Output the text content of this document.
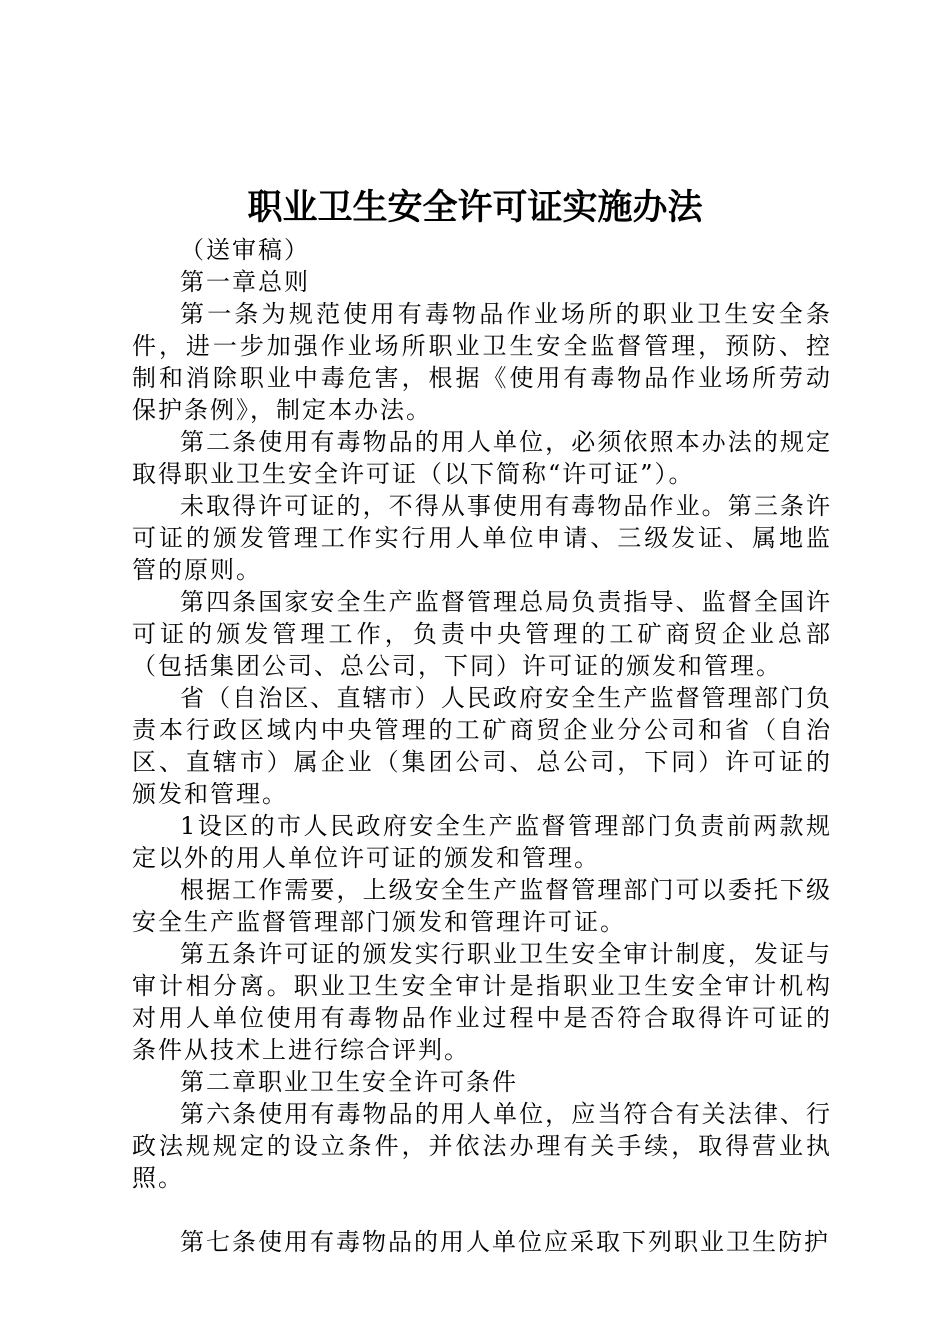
职业卫生安全许可证实施办法

（送审稿）

第一章总则

第一条为规范使用有毒物品作业场所的职业卫生安全条件，进一步加强作业场所职业卫生安全监督管理，预防、控制和消除职业中毒危害，根据《使用有毒物品作业场所劳动保护条例》，制定本办法。

第二条使用有毒物品的用人单位，必须依照本办法的规定取得职业卫生安全许可证（以下简称“许可证”）。

未取得许可证的，不得从事使用有毒物品作业。第三条许可证的颁发管理工作实行用人单位申请、三级发证、属地监管的原则。

第四条国家安全生产监督管理总局负责指导、监督全国许可证的颁发管理工作，负责中央管理的工矿商贸企业总部（包括集团公司、总公司，下同）许可证的颁发和管理。

省（自治区、直辖市）人民政府安全生产监督管理部门负责本行政区域内中央管理的工矿商贸企业分公司和省（自治区、直辖市）属企业（集团公司、总公司，下同）许可证的颁发和管理。

1设区的市人民政府安全生产监督管理部门负责前两款规定以外的用人单位许可证的颁发和管理。

根据工作需要，上级安全生产监督管理部门可以委托下级安全生产监督管理部门颁发和管理许可证。

第五条许可证的颁发实行职业卫生安全审计制度，发证与审计相分离。职业卫生安全审计是指职业卫生安全审计机构对用人单位使用有毒物品作业过程中是否符合取得许可证的条件从技术上进行综合评判。

第二章职业卫生安全许可条件

第六条使用有毒物品的用人单位，应当符合有关法律、行政法规规定的设立条件，并依法办理有关手续，取得营业执照。

第七条使用有毒物品的用人单位应采取下列职业卫生防护
